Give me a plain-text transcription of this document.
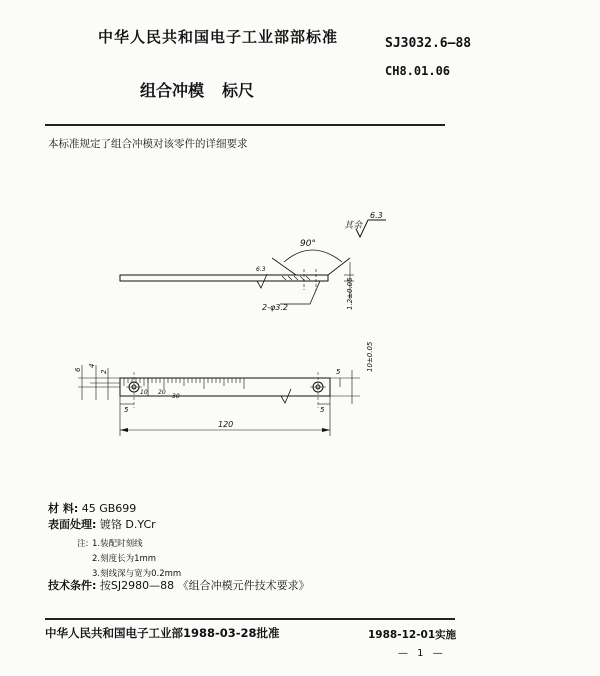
中华人民共和国电子工业部部标准	SJ3032.6—88
CH8.01.06
组合冲模 标尺
本标准规定了组合冲模对该零件的详细要求
其余
6.3
90°
6.3
2-φ3.2	1.2±0.05
6
4
2	10±0.05
5
10 20
30
5	5
120
材 料: 45 GB699
表面处理: 镀铬 D.YCr
注: 1.装配时刻线
2.刻度长为1mm
3.刻线深与宽为0.2mm
技术条件: 按SJ2980—88 《组合冲模元件技术要求》
中华人民共和国电子工业部1988-03-28批准	1988-12-01实施
— 1 —
